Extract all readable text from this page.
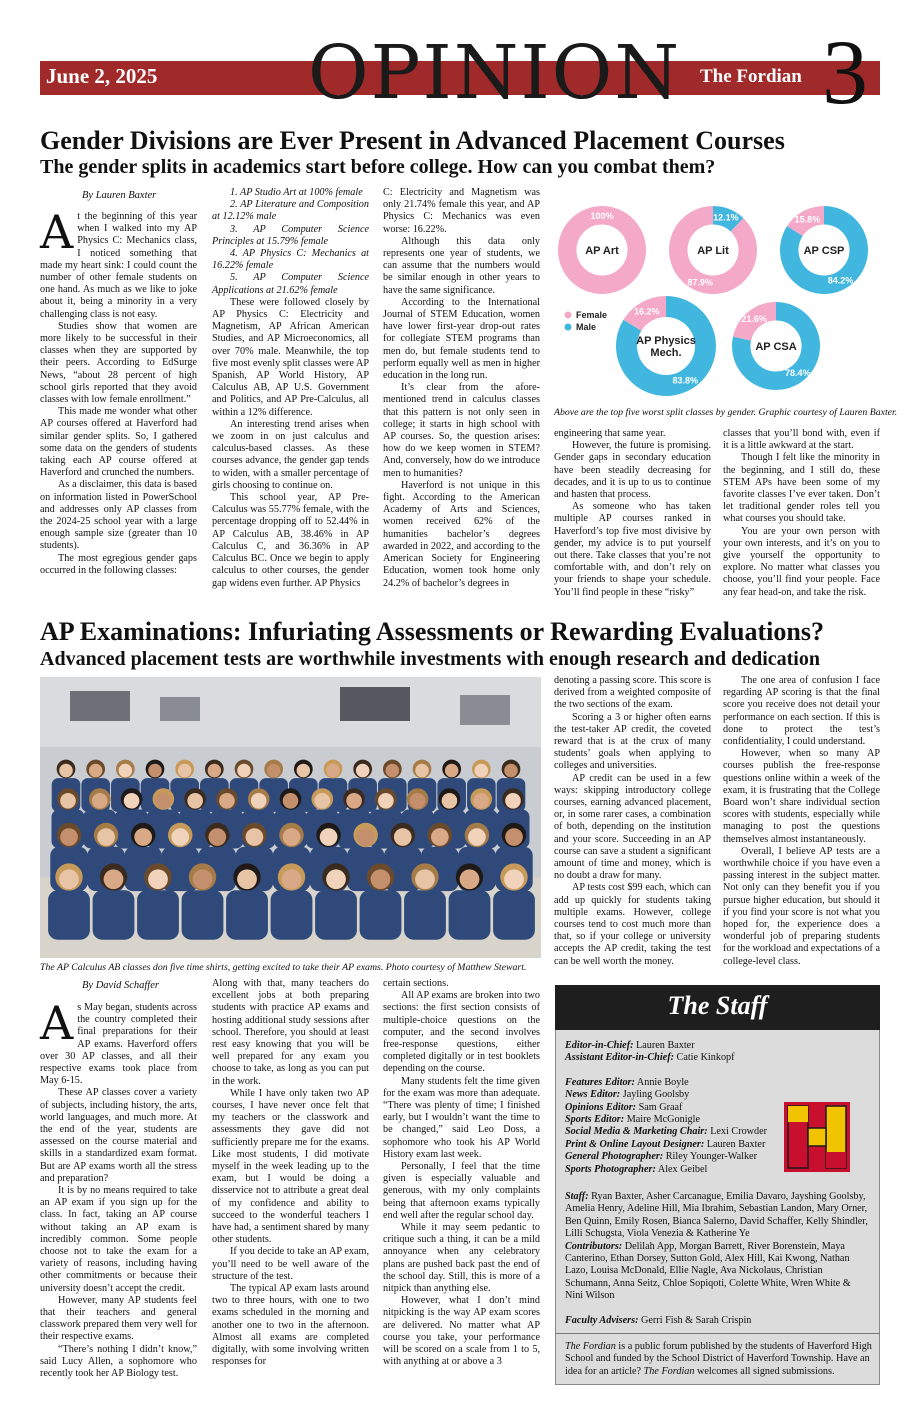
June 2, 2025 OPINION The Fordian 3
Gender Divisions are Ever Present in Advanced Placement Courses
The gender splits in academics start before college. How can you combat them?
By Lauren Baxter
A t the beginning of this year when I walked into my AP Physics C: Mechanics class, I noticed something that made my heart sink: I could count the number of other female students on one hand. As much as we like to joke about it, being a minority in a very challenging class is not easy.

Studies show that women are more likely to be successful in their classes when they are supported by their peers. According to EdSurge News, “about 28 percent of high school girls reported that they avoid classes with low female enrollment.”

This made me wonder what other AP courses offered at Haverford had similar gender splits. So, I gathered some data on the genders of students taking each AP course offered at Haverford and crunched the numbers.

As a disclaimer, this data is based on information listed in PowerSchool and addresses only AP classes from the 2024-25 school year with a large enough sample size (greater than 10 students).

The most egregious gender gaps occurred in the following classes:

1. AP Studio Art at 100% female

2. AP Literature and Composition at 12.12% male

3. AP Computer Science Principles at 15.79% female

4. AP Physics C: Mechanics at 16.22% female

5. AP Computer Science Applications at 21.62% female

These were followed closely by AP Physics C: Electricity and Magnetism, AP African American Studies, and AP Microeconomics, all over 70% male. Meanwhile, the top five most evenly split classes were AP Spanish, AP World History, AP Calculus AB, AP U.S. Government and Politics, and AP Pre-Calculus, all within a 12% difference.

An interesting trend arises when we zoom in on just calculus and calculus-based classes. As these courses advance, the gender gap tends to widen, with a smaller percentage of girls choosing to continue on.

This school year, AP Pre-Calculus was 55.77% female, with the percentage dropping off to 52.44% in AP Calculus AB, 38.46% in AP Calculus C, and 36.36% in AP Calculus BC. Once we begin to apply calculus to other courses, the gender gap widens even further. AP Physics

C: Electricity and Magnetism was only 21.74% female this year, and AP Physics C: Mechanics was even worse: 16.22%.

Although this data only represents one year of students, we can assume that the numbers would be similar enough in other years to have the same significance.

According to the International Journal of STEM Education, women have lower first-year drop-out rates for collegiate STEM programs than men do, but female students tend to perform equally well as men in higher education in the long run.

It’s clear from the afore-mentioned trend in calculus classes that this pattern is not only seen in college; it starts in high school with AP courses. So, the question arises: how do we keep women in STEM? And, conversely, how do we introduce men to humanities?

Haverford is not unique in this fight. According to the American Academy of Arts and Sciences, women received 62% of the humanities bachelor’s degrees awarded in 2022, and according to the American Society for Engineering Education, women took home only 24.2% of bachelor’s degrees in

AP Art
100%
AP Lit
87.9%
12.1%
AP CSP
15.8%
84.2%
AP Physics
Mech.
16.2%
83.8%
AP CSA
21.6%
78.4%
Female
Male
Above are the top five worst split classes by gender. Graphic courtesy of Lauren Baxter.

engineering that same year.

However, the future is promising. Gender gaps in secondary education have been steadily decreasing for decades, and it is up to us to continue and hasten that process.

As someone who has taken multiple AP courses ranked in Haverford’s top five most divisive by gender, my advice is to put yourself out there. Take classes that you’re not comfortable with, and don’t rely on your friends to shape your schedule. You’ll find people in these “risky”

classes that you’ll bond with, even if it is a little awkward at the start.

Though I felt like the minority in the beginning, and I still do, these STEM APs have been some of my favorite classes I’ve ever taken. Don’t let traditional gender roles tell you what courses you should take.

You are your own person with your own interests, and it’s on you to give yourself the opportunity to explore. No matter what classes you choose, you’ll find your people. Face any fear head-on, and take the risk.

AP Examinations: Infuriating Assessments or Rewarding Evaluations?
Advanced placement tests are worthwhile investments with enough research and dedication
The AP Calculus AB classes don five time shirts, getting excited to take their AP exams. Photo courtesy of Matthew Stewart.

denoting a passing score. This score is derived from a weighted composite of the two sections of the exam.

Scoring a 3 or higher often earns the test-taker AP credit, the coveted reward that is at the crux of many students’ goals when applying to colleges and universities.

AP credit can be used in a few ways: skipping introductory college courses, earning advanced placement, or, in some rarer cases, a combination of both, depending on the institution and your score. Succeeding in an AP course can save a student a significant amount of time and money, which is no doubt a draw for many.

AP tests cost $99 each, which can add up quickly for students taking multiple exams. However, college courses tend to cost much more than that, so if your college or university accepts the AP credit, taking the test can be well worth the money.

The one area of confusion I face regarding AP scoring is that the final score you receive does not detail your performance on each section. If this is done to protect the test’s confidentiality, I could understand.

However, when so many AP courses publish the free-response questions online within a week of the exam, it is frustrating that the College Board won’t share individual section scores with students, especially while managing to post the questions themselves almost instantaneously.

Overall, I believe AP tests are a worthwhile choice if you have even a passing interest in the subject matter. Not only can they benefit you if you pursue higher education, but should it if you find your score is not what you hoped for, the experience does a wonderful job of preparing students for the workload and expectations of a college-level class.

By David Schaffer
A s May began, students across the country completed their final preparations for their AP exams. Haverford offers over 30 AP classes, and all their respective exams took place from May 6-15.

These AP classes cover a variety of subjects, including history, the arts, world languages, and much more. At the end of the year, students are assessed on the course material and skills in a standardized exam format. But are AP exams worth all the stress and preparation?

It is by no means required to take an AP exam if you sign up for the class. In fact, taking an AP course without taking an AP exam is incredibly common. Some people choose not to take the exam for a variety of reasons, including having other commitments or because their university doesn’t accept the credit.

However, many AP students feel that their teachers and general classwork prepared them very well for their respective exams.

“There’s nothing I didn’t know,” said Lucy Allen, a sophomore who recently took her AP Biology test.

Along with that, many teachers do excellent jobs at both preparing students with practice AP exams and hosting additional study sessions after school. Therefore, you should at least rest easy knowing that you will be well prepared for any exam you choose to take, as long as you can put in the work.

While I have only taken two AP courses, I have never once felt that my teachers or the classwork and assessments they gave did not sufficiently prepare me for the exams. Like most students, I did motivate myself in the week leading up to the exam, but I would be doing a disservice not to attribute a great deal of my confidence and ability to succeed to the wonderful teachers I have had, a sentiment shared by many other students.

If you decide to take an AP exam, you’ll need to be well aware of the structure of the test.

The typical AP exam lasts around two to three hours, with one to two exams scheduled in the morning and another one to two in the afternoon. Almost all exams are completed digitally, with some involving written responses for

certain sections.

All AP exams are broken into two sections: the first section consists of multiple-choice questions on the computer, and the second involves free-response questions, either completed digitally or in test booklets depending on the course.

Many students felt the time given for the exam was more than adequate. “There was plenty of time; I finished early, but I wouldn’t want the time to be changed,” said Leo Doss, a sophomore who took his AP World History exam last week.

Personally, I feel that the time given is especially valuable and generous, with my only complaints being that afternoon exams typically end well after the regular school day.

While it may seem pedantic to critique such a thing, it can be a mild annoyance when any celebratory plans are pushed back past the end of the school day. Still, this is more of a nitpick than anything else.

However, what I don’t mind nitpicking is the way AP exam scores are delivered. No matter what AP course you take, your performance will be scored on a scale from 1 to 5, with anything at or above a 3

The Staff
Editor-in-Chief: Lauren Baxter
Assistant Editor-in-Chief: Catie Kinkopf
Features Editor: Annie Boyle
News Editor: Jayling Goolsby
Opinions Editor: Sam Graaf
Sports Editor: Maire McGonigle
Social Media & Marketing Chair: Lexi Crowder
Print & Online Layout Designer: Lauren Baxter
General Photographer: Riley Younger-Walker
Sports Photographer: Alex Geibel
Staff: Ryan Baxter, Asher Carcanague, Emilia Davaro, Jayshing Goolsby, Amelia Henry, Adeline Hill, Mia Ibrahim, Sebastian Landon, Mary Orner, Ben Quinn, Emily Rosen, Bianca Salerno, David Schaffer, Kelly Shindler, Lilli Schugsta, Viola Venezia & Katherine Ye
Contributors: Delilah App, Morgan Barrett, River Borenstein, Maya Canterino, Ethan Dorsey, Sutton Gold, Alex Hill, Kai Kwong, Nathan Lazo, Louisa McDonald, Ellie Nagle, Ava Nickolaus, Christian Schumann, Anna Seitz, Chloe Sopiqoti, Colette White, Wren White & Nini Wilson
Faculty Advisers: Gerri Fish & Sarah Crispin
The Fordian is a public forum published by the students of Haverford High School and funded by the School District of Haverford Township. Have an idea for an article? The Fordian welcomes all signed submissions.
